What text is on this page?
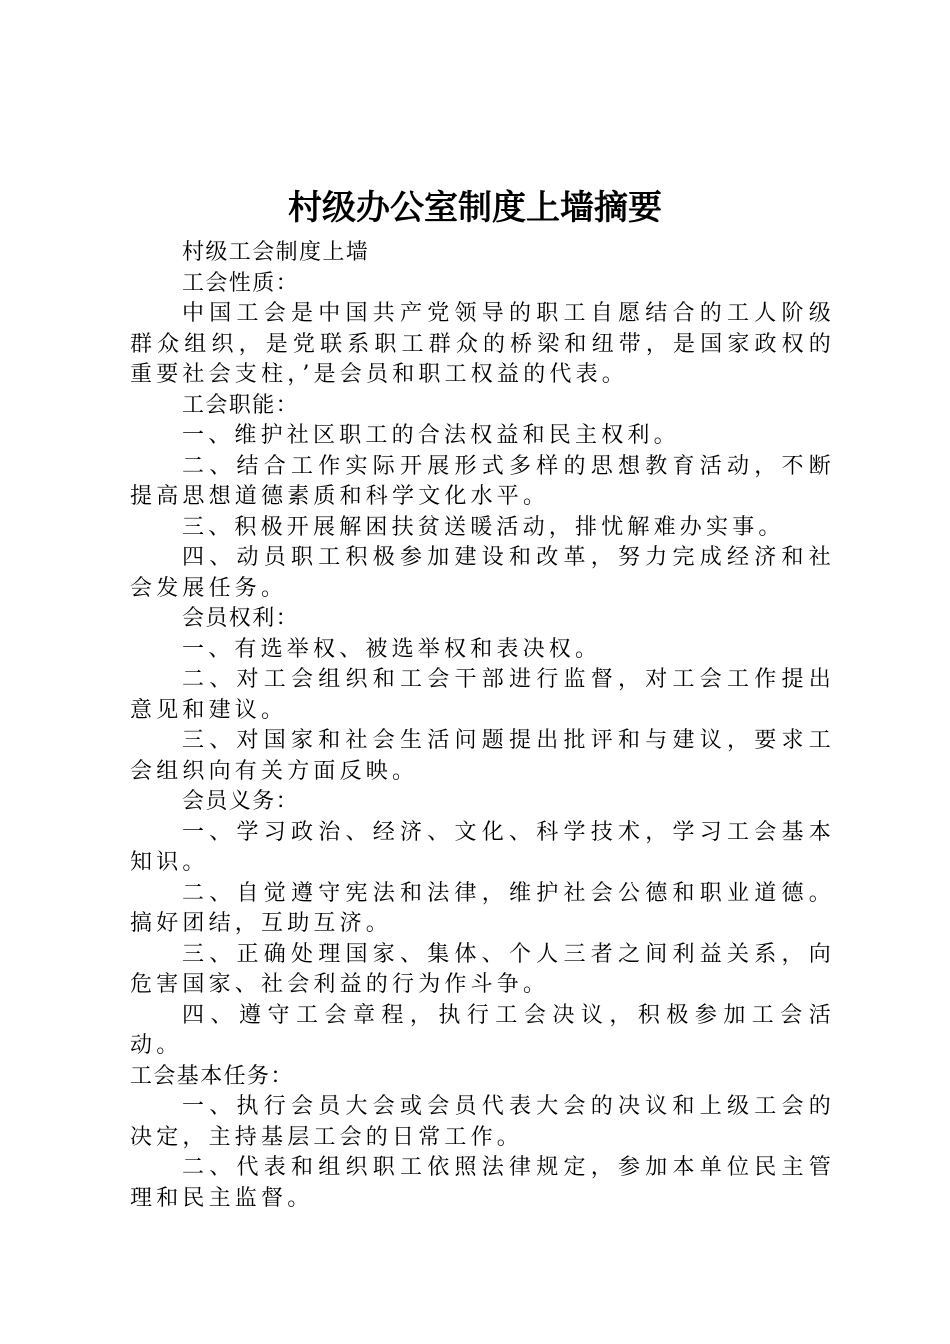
村级办公室制度上墙摘要

村级工会制度上墙

工会性质：

中国工会是中国共产党领导的职工自愿结合的工人阶级群众组织，是党联系职工群众的桥梁和纽带，是国家政权的重要社会支柱，’是会员和职工权益的代表。

工会职能：

一、维护社区职工的合法权益和民主权利。

二、结合工作实际开展形式多样的思想教育活动，不断提高思想道德素质和科学文化水平。

三、积极开展解困扶贫送暖活动，排忧解难办实事。

四、动员职工积极参加建设和改革，努力完成经济和社会发展任务。

会员权利：

一、有选举权、被选举权和表决权。

二、对工会组织和工会干部进行监督，对工会工作提出意见和建议。

三、对国家和社会生活问题提出批评和与建议，要求工会组织向有关方面反映。

会员义务：

一、学习政治、经济、文化、科学技术，学习工会基本知识。

二、自觉遵守宪法和法律，维护社会公德和职业道德。搞好团结，互助互济。

三、正确处理国家、集体、个人三者之间利益关系，向危害国家、社会利益的行为作斗争。

四、遵守工会章程，执行工会决议，积极参加工会活动。

工会基本任务：

一、执行会员大会或会员代表大会的决议和上级工会的决定，主持基层工会的日常工作。

二、代表和组织职工依照法律规定，参加本单位民主管理和民主监督。
